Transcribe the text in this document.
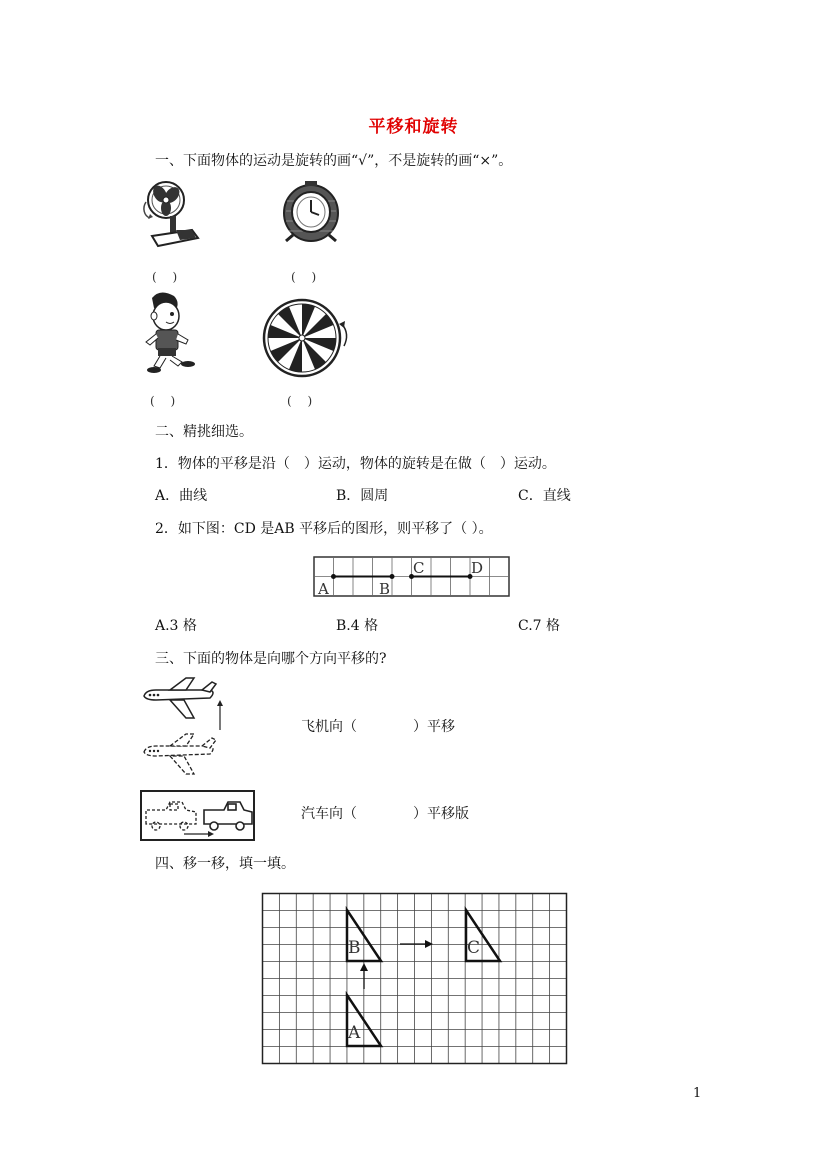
平移和旋转
一、下面物体的运动是旋转的画“√”，不是旋转的画“×”。
(　 )	(　 )
(　 )	(　 )
二、精挑细选。
1．物体的平移是沿（　）运动，物体的旋转是在做（　）运动。
A．曲线	B．圆周	C．直线
2．如下图：CD 是AB 平移后的图形，则平移了（ ）。
A	B
C	D
A.3 格	B.4 格	C.7 格
三、下面的物体是向哪个方向平移的?
飞机向（　　　　）平移
汽车向（　　　　）平移版
四、移一移，填一填。
B	C
A
1
